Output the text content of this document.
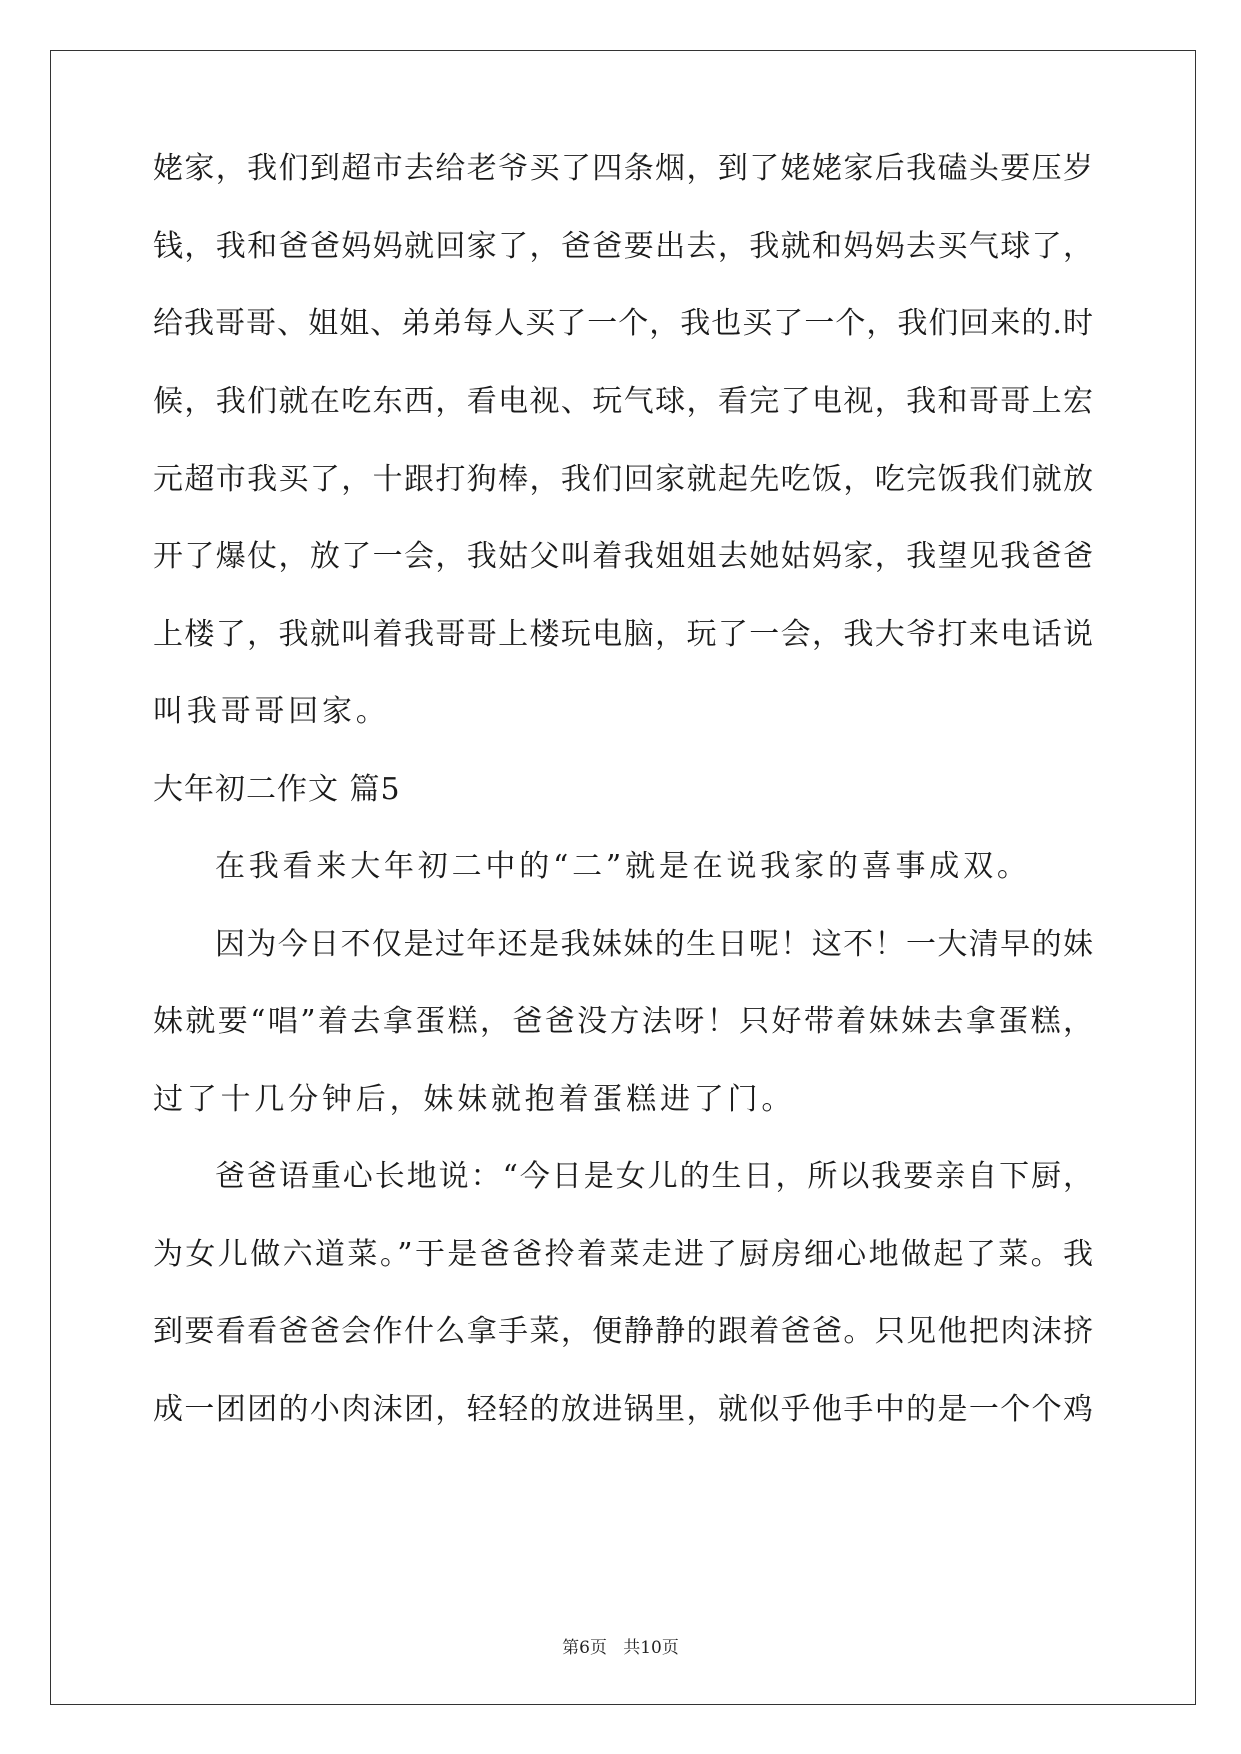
姥家，我们到超市去给老爷买了四条烟，到了姥姥家后我磕头要压岁

钱，我和爸爸妈妈就回家了，爸爸要出去，我就和妈妈去买气球了，

给我哥哥、姐姐、弟弟每人买了一个，我也买了一个，我们回来的.时

候，我们就在吃东西，看电视、玩气球，看完了电视，我和哥哥上宏

元超市我买了，十跟打狗棒，我们回家就起先吃饭，吃完饭我们就放

开了爆仗，放了一会，我姑父叫着我姐姐去她姑妈家，我望见我爸爸

上楼了，我就叫着我哥哥上楼玩电脑，玩了一会，我大爷打来电话说

叫我哥哥回家。

大年初二作文 篇5

在我看来大年初二中的“二”就是在说我家的喜事成双。

因为今日不仅是过年还是我妹妹的生日呢！这不！一大清早的妹

妹就要“唱”着去拿蛋糕，爸爸没方法呀！只好带着妹妹去拿蛋糕，

过了十几分钟后，妹妹就抱着蛋糕进了门。

爸爸语重心长地说：“今日是女儿的生日，所以我要亲自下厨，

为女儿做六道菜。”于是爸爸拎着菜走进了厨房细心地做起了菜。我

到要看看爸爸会作什么拿手菜，便静静的跟着爸爸。只见他把肉沫挤

成一团团的小肉沫团，轻轻的放进锅里，就似乎他手中的是一个个鸡

第6页 共10页
